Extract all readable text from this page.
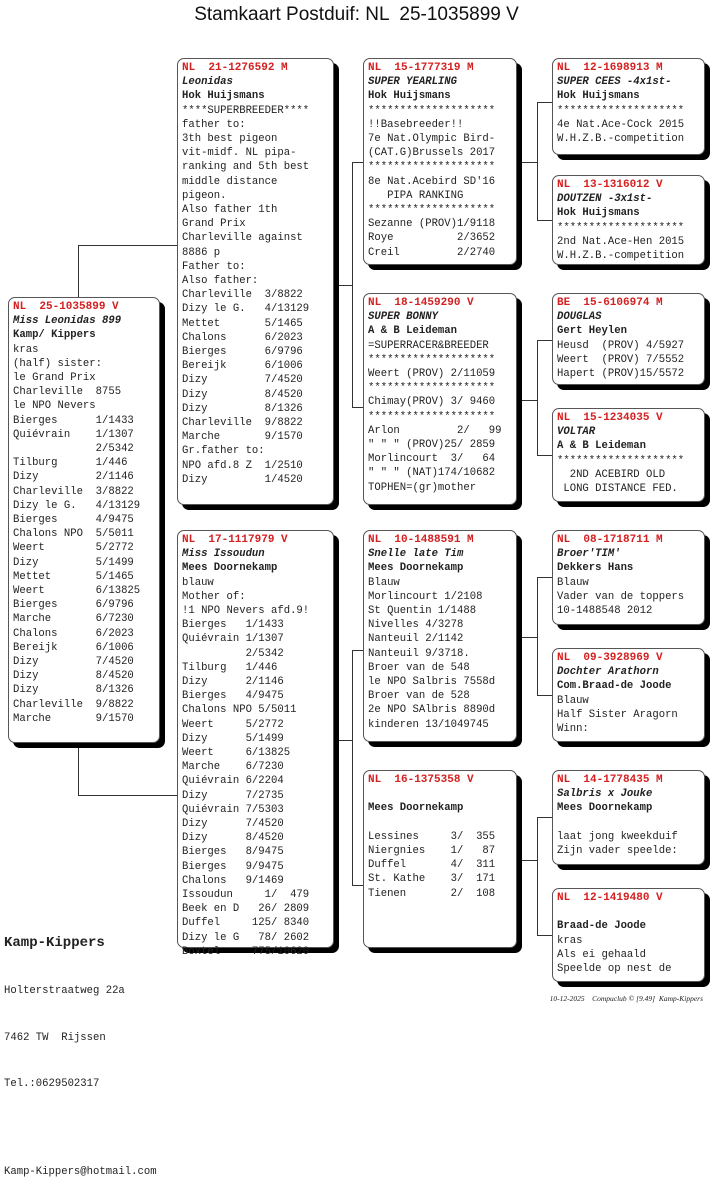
Stamkaart Postduif: NL  25-1035899 V
NL  25-1035899 V
Miss Leonidas 899
Kamp/ Kippers
kras
(half) sister:
le Grand Prix
Charleville  8755
le NPO Nevers
Bierges      1/1433
Quiévrain    1/1307
2/5342
Tilburg      1/446
Dizy         2/1146
Charleville  3/8822
Dizy le G.   4/13129
Bierges      4/9475
Chalons NPO  5/5011
Weert        5/2772
Dizy         5/1499
Mettet       5/1465
Weert        6/13825
Bierges      6/9796
Marche       6/7230
Chalons      6/2023
Bereijk      6/1006
Dizy         7/4520
Dizy         8/4520
Dizy         8/1326
Charleville  9/8822
Marche       9/1570
NL  21-1276592 M
Leonidas
Hok Huijsmans
****SUPERBREEDER****
father to:
3th best pigeon
vit-midf. NL pipa-
ranking and 5th best
middle distance
pigeon.
Also father 1th
Grand Prix
Charleville against
8886 p
Father to:
Also father:
Charleville  3/8822
Dizy le G.   4/13129
Mettet       5/1465
Chalons      6/2023
Bierges      6/9796
Bereijk      6/1006
Dizy         7/4520
Dizy         8/4520
Dizy         8/1326
Charleville  9/8822
Marche       9/1570
Gr.father to:
NPO afd.8 Z  1/2510
Dizy         1/4520
NL  17-1117979 V
Miss Issoudun
Mees Doornekamp
blauw
Mother of:
!1 NPO Nevers afd.9!
Bierges   1/1433
Quiévrain 1/1307
2/5342
Tilburg   1/446
Dizy      2/1146
Bierges   4/9475
Chalons NPO 5/5011
Weert     5/2772
Dizy      5/1499
Weert     6/13825
Marche    6/7230
Quiévrain 6/2204
Dizy      7/2735
Quiévrain 7/5303
Dizy      7/4520
Dizy      8/4520
Bierges   8/9475
Bierges   9/9475
Chalons   9/1469
Issoudun     1/  479
Beek en D   26/ 2809
Duffel     125/ 8340
Dizy le G   78/ 2602
Boxtel     775/10620
NL  15-1777319 M
SUPER YEARLING
Hok Huijsmans
********************
!!Basebreeder!!
7e Nat.Olympic Bird-
(CAT.G)Brussels 2017
********************
8e Nat.Acebird SD'16
PIPA RANKING
********************
Sezanne (PROV)1/9118
Roye          2/3652
Creil         2/2740
NL  18-1459290 V
SUPER BONNY
A & B Leideman
=SUPERRACER&BREEDER
********************
Weert (PROV) 2/11059
********************
Chimay(PROV) 3/ 9460
********************
Arlon         2/   99
" " " (PROV)25/ 2859
Morlincourt  3/   64
" " " (NAT)174/10682
TOPHEN=(gr)mother
NL  10-1488591 M
Snelle late Tim
Mees Doornekamp
Blauw
Morlincourt 1/2108
St Quentin 1/1488
Nivelles 4/3278
Nanteuil 2/1142
Nanteuil 9/3718.
Broer van de 548
le NPO Salbris 7558d
Broer van de 528
2e NPO SAlbris 8890d
kinderen 13/1049745
NL  16-1375358 V
Mees Doornekamp
Lessines     3/  355
Niergnies    1/   87
Duffel       4/  311
St. Kathe    3/  171
Tienen       2/  108
NL  12-1698913 M
SUPER CEES -4x1st-
Hok Huijsmans
********************
4e Nat.Ace-Cock 2015
W.H.Z.B.-competition
NL  13-1316012 V
DOUTZEN -3x1st-
Hok Huijsmans
********************
2nd Nat.Ace-Hen 2015
W.H.Z.B.-competition
BE  15-6106974 M
DOUGLAS
Gert Heylen
Heusd  (PROV) 4/5927
Weert  (PROV) 7/5552
Hapert (PROV)15/5572
NL  15-1234035 V
VOLTAR
A & B Leideman
********************
2ND ACEBIRD OLD
LONG DISTANCE FED.
NL  08-1718711 M
Broer'TIM'
Dekkers Hans
Blauw
Vader van de toppers
10-1488548 2012
NL  09-3928969 V
Dochter Arathorn
Com.Braad-de Joode
Blauw
Half Sister Aragorn
Winn:
NL  14-1778435 M
Salbris x Jouke
Mees Doornekamp
laat jong kweekduif
Zijn vader speelde:
NL  12-1419480 V
Braad-de Joode
kras
Als ei gehaald
Speelde op nest de

Kamp-Kippers

Holterstraatweg 22a

7462 TW  Rijssen

Tel.:0629502317

Kamp-Kippers@hotmail.com

10-12-2025    Compuclub © [9.49]  Kamp-Kippers
